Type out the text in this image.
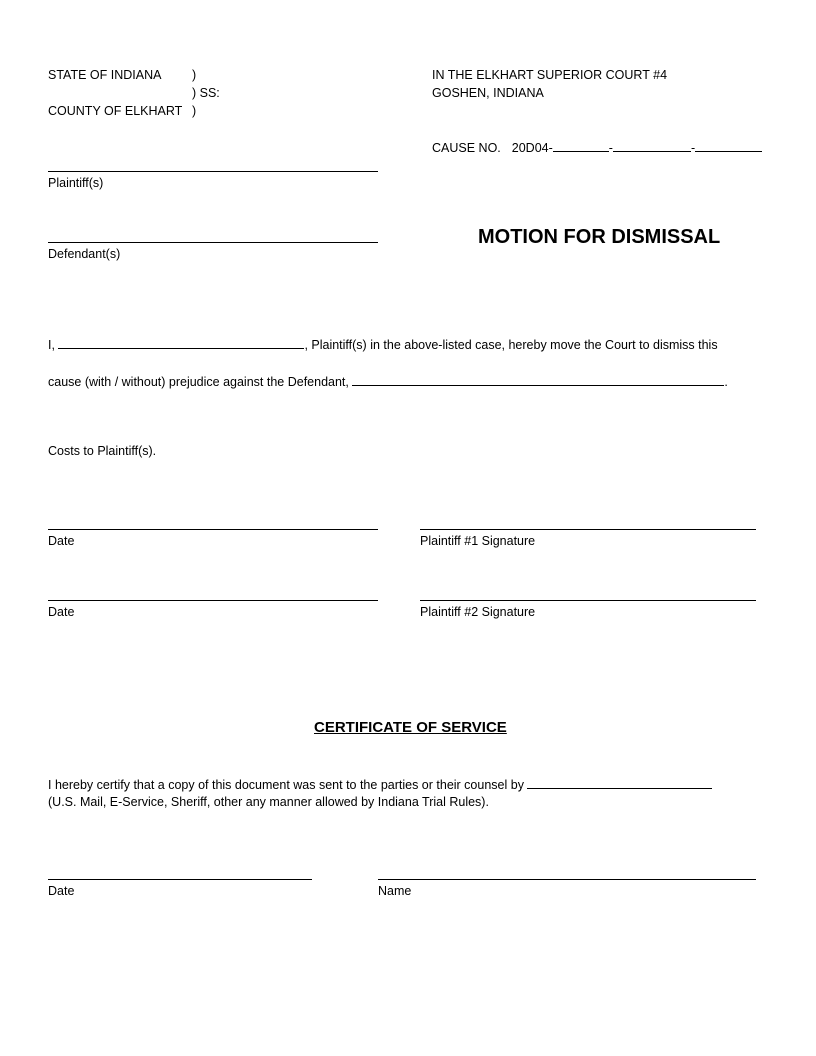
STATE OF INDIANA )
) SS:
COUNTY OF ELKHART )
IN THE ELKHART SUPERIOR COURT #4
GOSHEN, INDIANA
CAUSE NO. 20D04-	-	-
Plaintiff(s)
Defendant(s)
MOTION FOR DISMISSAL
I,	, Plaintiff(s) in the above-listed case, hereby move the Court to dismiss this
cause (with / without) prejudice against the Defendant,	.
Costs to Plaintiff(s).
Date	Plaintiff #1 Signature
Date	Plaintiff #2 Signature
CERTIFICATE OF SERVICE
I hereby certify that a copy of this document was sent to the parties or their counsel by
(U.S. Mail, E-Service, Sheriff, other any manner allowed by Indiana Trial Rules).
Date	Name
